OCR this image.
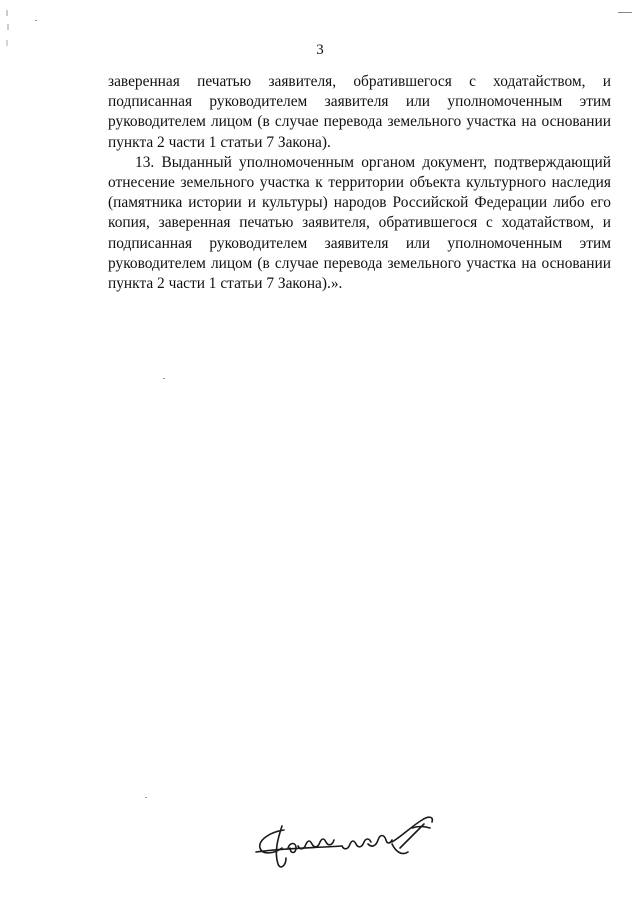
3

заверенная печатью заявителя, обратившегося с ходатайством, и подписанная руководителем заявителя или уполномоченным этим руководителем лицом (в случае перевода земельного участка на основании пункта 2 части 1 статьи 7 Закона).

13. Выданный уполномоченным органом документ, подтверждающий отнесение земельного участка к территории объекта культурного наследия (памятника истории и культуры) народов Российской Федерации либо его копия, заверенная печатью заявителя, обратившегося с ходатайством, и подписанная руководителем заявителя или уполномоченным этим руководителем лицом (в случае перевода земельного участка на основании пункта 2 части 1 статьи 7 Закона).».
